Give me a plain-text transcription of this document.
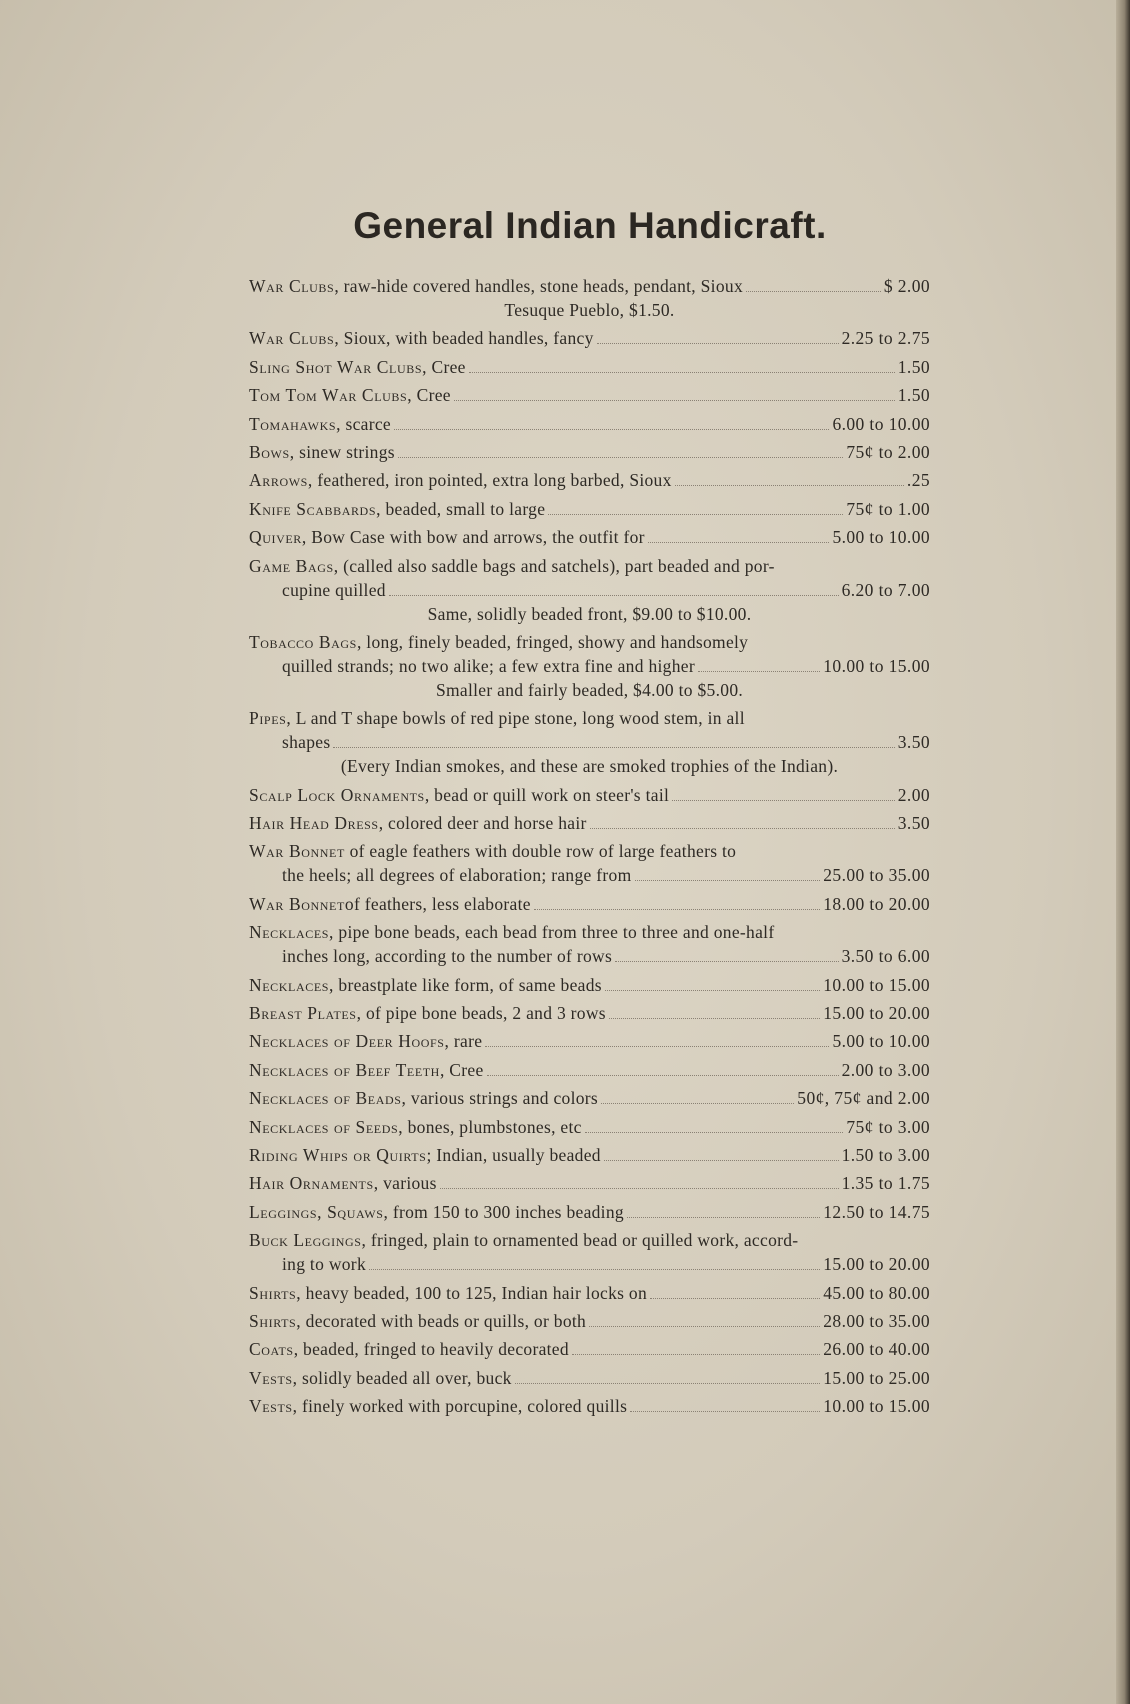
General Indian Handicraft.
War Clubs , raw-hide covered handles, stone heads, pendant, Sioux	$ 2.00
Tesuque Pueblo, $1.50.
War Clubs , Sioux, with beaded handles, fancy	2.25 to 2.75
Sling Shot War Clubs , Cree	1.50
Tom Tom War Clubs , Cree	1.50
Tomahawks , scarce	6.00 to 10.00
Bows , sinew strings	75¢ to 2.00
Arrows , feathered, iron pointed, extra long barbed, Sioux	.25
Knife Scabbards , beaded, small to large	75¢ to 1.00
Quiver , Bow Case with bow and arrows, the outfit for	5.00 to 10.00
Game Bags, (called also saddle bags and satchels), part beaded and por-
cupine quilled	6.20 to 7.00
Same, solidly beaded front, $9.00 to $10.00.
Tobacco Bags, long, finely beaded, fringed, showy and handsomely
quilled strands; no two alike; a few extra fine and higher	10.00 to 15.00
Smaller and fairly beaded, $4.00 to $5.00.
Pipes, L and T shape bowls of red pipe stone, long wood stem, in all
shapes	3.50
(Every Indian smokes, and these are smoked trophies of the Indian).
Scalp Lock Ornaments , bead or quill work on steer's tail	2.00
Hair Head Dress , colored deer and horse hair	3.50
War Bonnet of eagle feathers with double row of large feathers to
the heels; all degrees of elaboration; range from	25.00 to 35.00
War Bonnet of feathers, less elaborate	18.00 to 20.00
Necklaces, pipe bone beads, each bead from three to three and one-half
inches long, according to the number of rows	3.50 to 6.00
Necklaces , breastplate like form, of same beads	10.00 to 15.00
Breast Plates , of pipe bone beads, 2 and 3 rows	15.00 to 20.00
Necklaces of Deer Hoofs , rare	5.00 to 10.00
Necklaces of Beef Teeth , Cree	2.00 to 3.00
Necklaces of Beads , various strings and colors	50¢, 75¢ and 2.00
Necklaces of Seeds , bones, plumbstones, etc	75¢ to 3.00
Riding Whips or Quirts ; Indian, usually beaded	1.50 to 3.00
Hair Ornaments , various	1.35 to 1.75
Leggings, Squaws , from 150 to 300 inches beading	12.50 to 14.75
Buck Leggings, fringed, plain to ornamented bead or quilled work, accord-
ing to work	15.00 to 20.00
Shirts , heavy beaded, 100 to 125, Indian hair locks on	45.00 to 80.00
Shirts , decorated with beads or quills, or both	28.00 to 35.00
Coats , beaded, fringed to heavily decorated	26.00 to 40.00
Vests , solidly beaded all over, buck	15.00 to 25.00
Vests , finely worked with porcupine, colored quills	10.00 to 15.00
